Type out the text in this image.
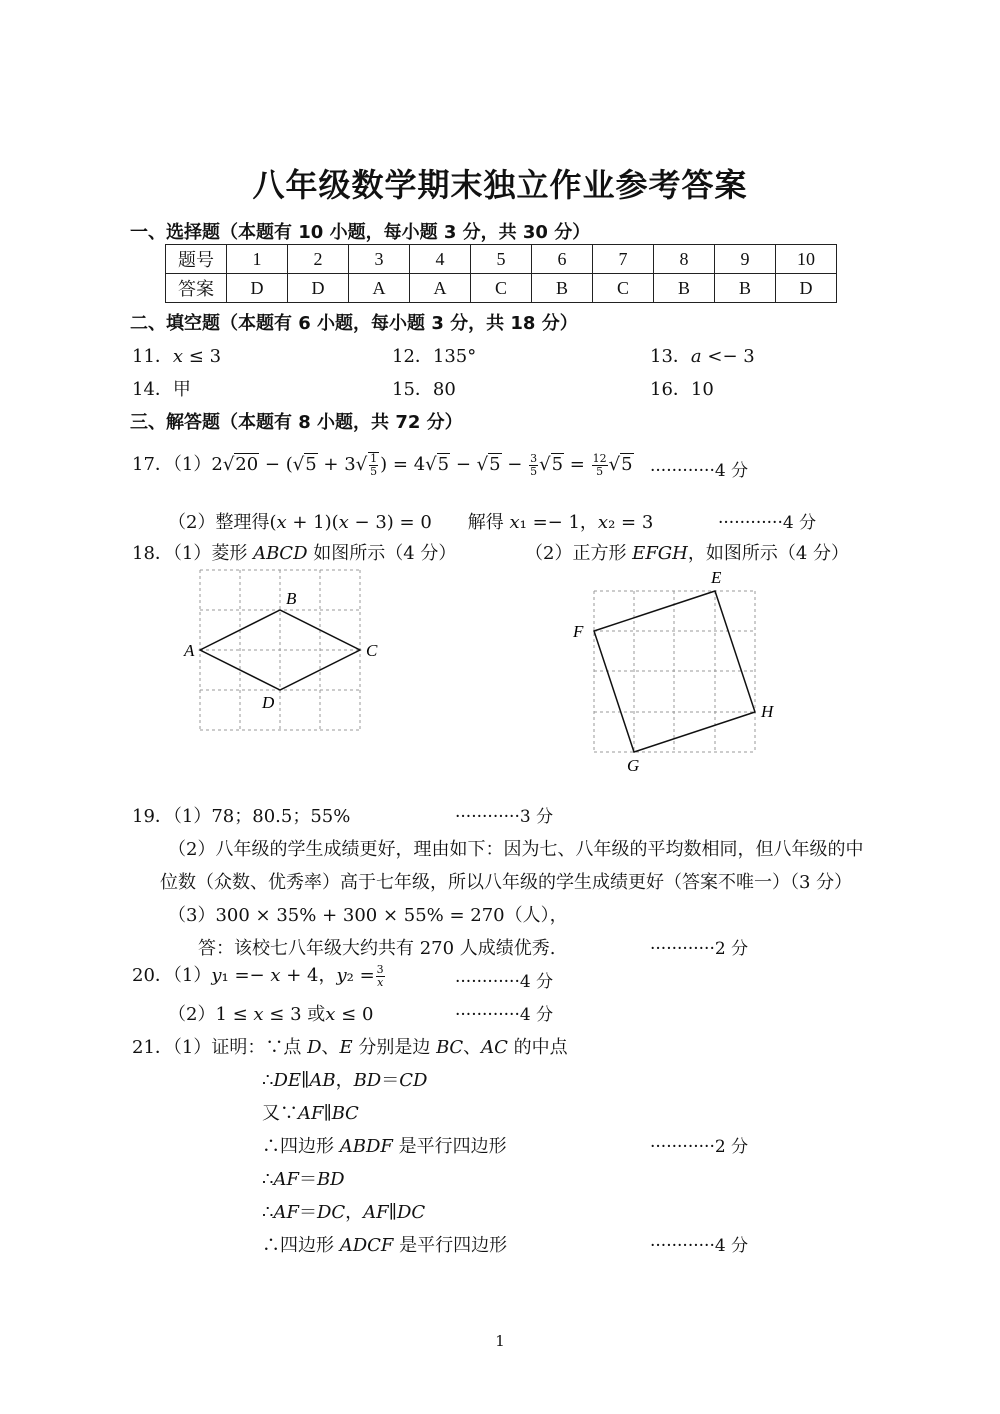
八年级数学期末独立作业参考答案
一、选择题（本题有 10 小题，每小题 3 分，共 30 分）
题号	1	2	3	4	5	6	7	8	9	10
答案	D	D	A	A	C	B	C	B	B	D
二、填空题（本题有 6 小题，每小题 3 分，共 18 分）
11．𝑥 ≤ 3	12．135°	13．𝑎 <− 3
14．甲	15．80	16．10
三、解答题（本题有 8 小题，共 72 分）
17．$(1)2√20 - (√5 + 3√ \frac{1}{5}$ ) = $4√5 - √5 - \frac{3}{5} √5 = \frac{12}{5} √5 \cdot\cdot\cdot\cdot\cdot\cdot\cdot\cdot\cdot\cdot\cdot\cdot 4$ 分
（2）整理得(𝑥 + 1)(𝑥 − 3) = 0　　解得 𝑥₁ =− 1，𝑥₂ = 3	············4 分
18．（1）菱形 𝐴𝐵𝐶𝐷 如图所示（4 分）	（2）正方形 𝐸𝐹𝐺𝐻，如图所示（4 分）
A
B
C
D
E
F
G
H
19．（1）78；80.5；55%	············3 分
（2）八年级的学生成绩更好，理由如下：因为七、八年级的平均数相同，但八年级的中
位数（众数、优秀率）高于七年级，所以八年级的学生成绩更好（答案不唯一）（3 分）
（3）300 × 35% + 300 × 55% = 270（人），
答：该校七八年级大约共有 270 人成绩优秀.	············2 分
20．（1）𝑦₁ =− 𝑥 + 4，𝑦₂ = $\frac{3}{\text{𝑥}}$	············4 分
（2）1 ≤ 𝑥 ≤ 3 或𝑥 ≤ 0	············4 分
21．（1）证明：∵点 𝐷、𝐸 分别是边 𝐵𝐶、𝐴𝐶 的中点
∴𝐷𝐸∥𝐴𝐵，𝐵𝐷＝𝐶𝐷
又∵𝐴𝐹∥𝐵𝐶
∴四边形 𝐴𝐵𝐷𝐹 是平行四边形	············2 分
∴𝐴𝐹＝𝐵𝐷
∴𝐴𝐹＝𝐷𝐶，𝐴𝐹∥𝐷𝐶
∴四边形 𝐴𝐷𝐶𝐹 是平行四边形	············4 分
1
